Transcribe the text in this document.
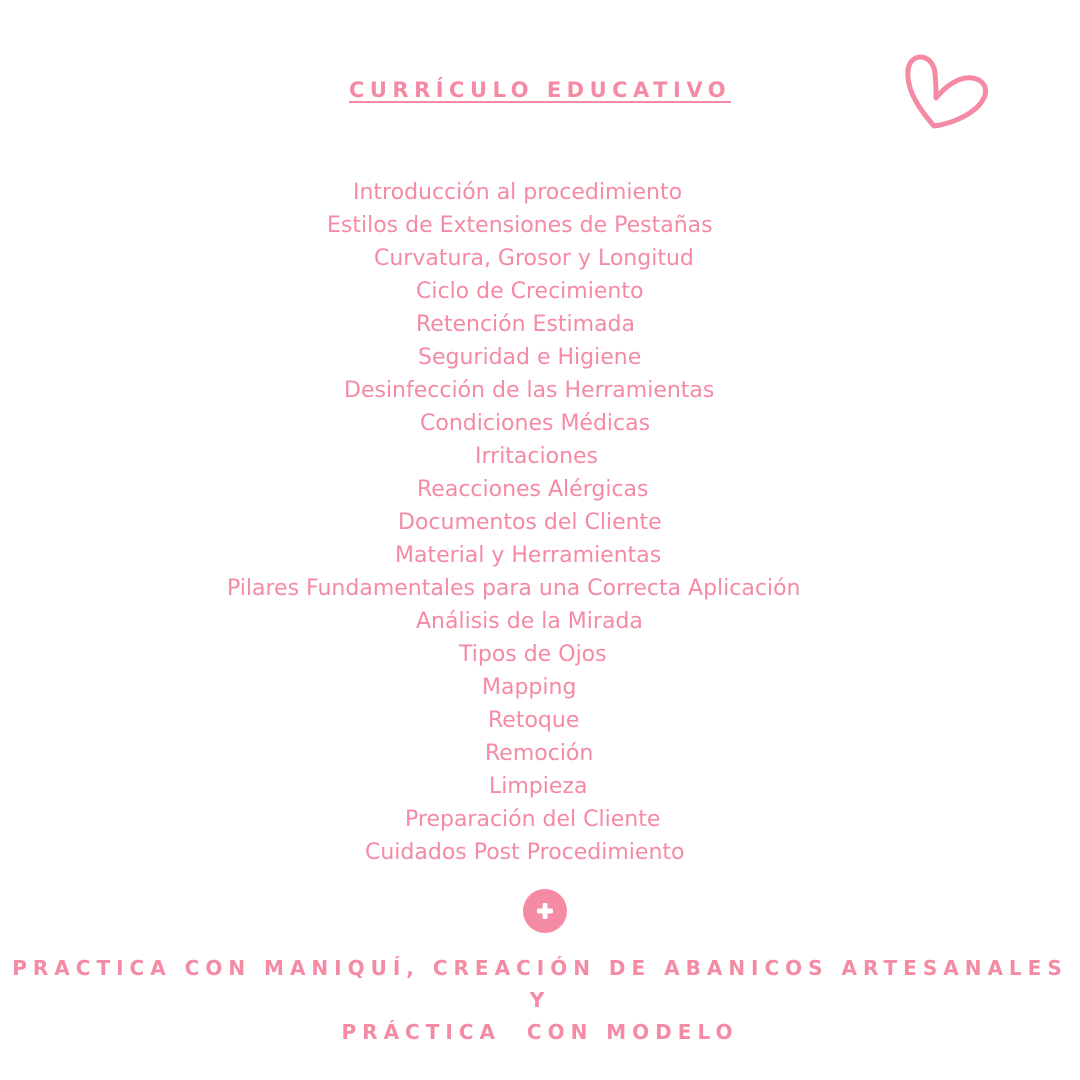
CURRÍCULO EDUCATIVO
Introducción al procedimiento
Estilos de Extensiones de Pestañas
Curvatura, Grosor y Longitud
Ciclo de Crecimiento
Retención Estimada
Seguridad e Higiene
Desinfección de las Herramientas
Condiciones Médicas
Irritaciones
Reacciones Alérgicas
Documentos del Cliente
Material y Herramientas
Pilares Fundamentales para una Correcta Aplicación
Análisis de la Mirada
Tipos de Ojos
Mapping
Retoque
Remoción
Limpieza
Preparación del Cliente
Cuidados Post Procedimiento
PRACTICA CON MANIQUÍ, CREACIÓN DE ABANICOS ARTESANALES Y
PRÁCTICA  CON MODELO
